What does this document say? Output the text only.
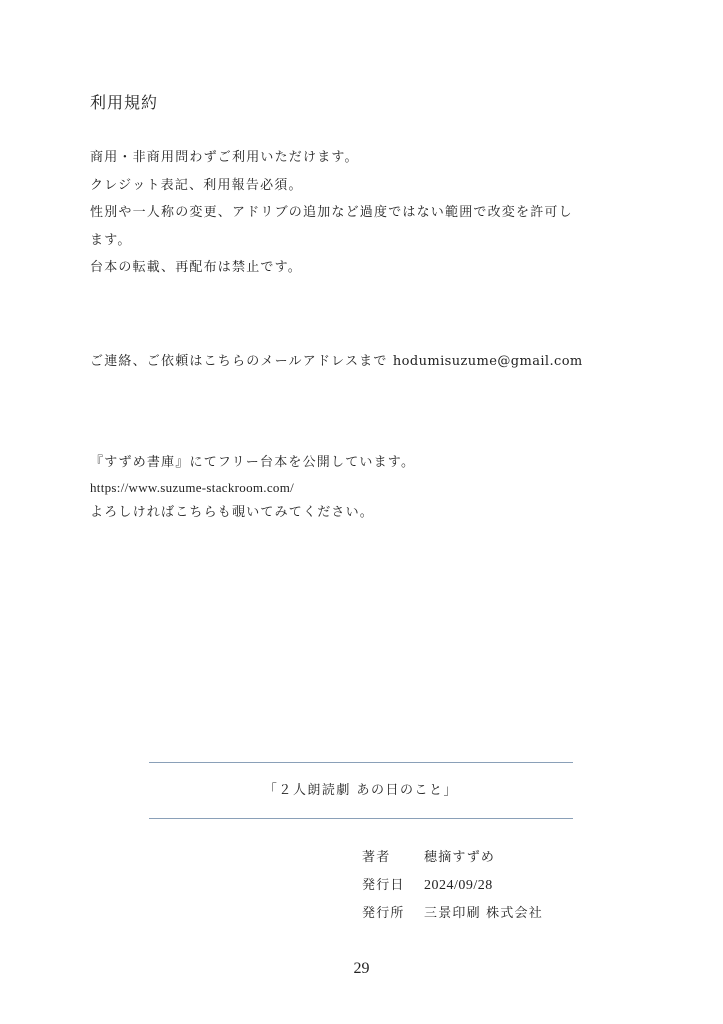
利用規約

商用・非商用問わずご利用いただけます。

クレジット表記、利用報告必須。

性別や一人称の変更、アドリブの追加など過度ではない範囲で改変を許可し

ます。

台本の転載、再配布は禁止です。

ご連絡、ご依頼はこちらのメールアドレスまで hodumisuzume@gmail.com

『すずめ書庫』にてフリー台本を公開しています。

https://www.suzume-stackroom.com/

よろしければこちらも覗いてみてください。

「２人朗読劇 あの日のこと」
著者	穂摘すずめ
発行日 2024/09/28
発行所 三景印刷 株式会社
29
